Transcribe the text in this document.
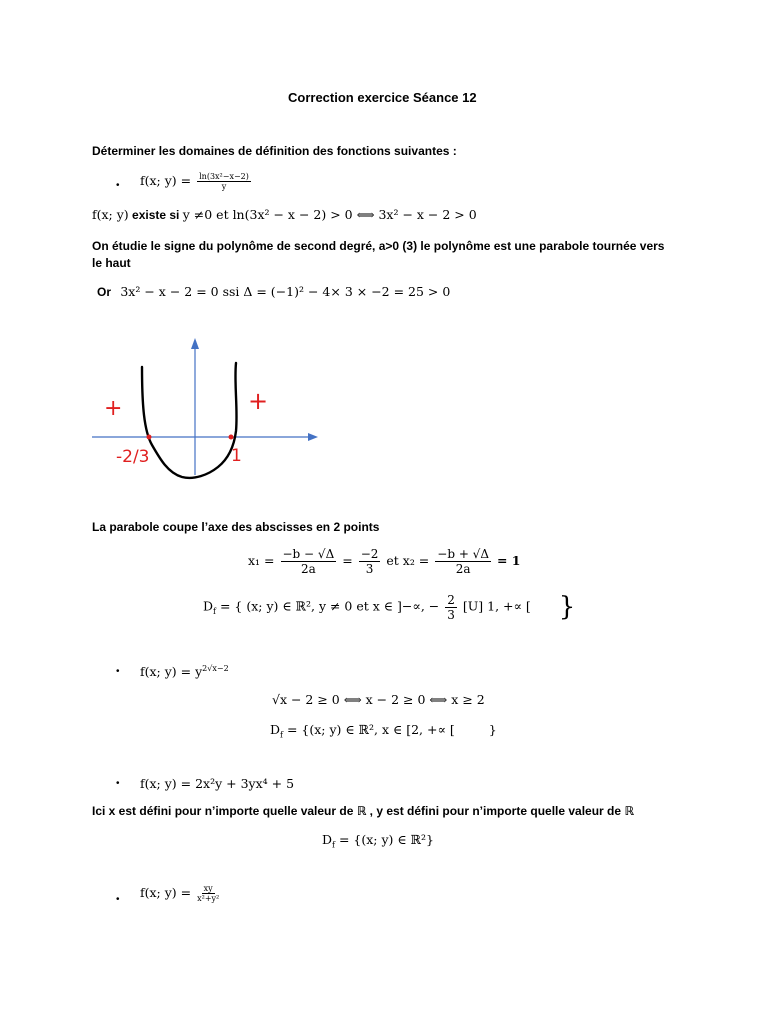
Correction exercice Séance 12
Déterminer les domaines de définition des fonctions suivantes :
• f(x; $y) = \frac{\text{ln(3x²−x−2)}}{y}$
f(x; y) existe si y ≠0 et ln(3x² − x − 2) > 0 ⟺ 3x² − x − 2 > 0
On étudie le signe du polynôme de second degré, a>0 (3) le polynôme est une parabole tournée vers
le haut
Or 3x² − x − 2 = 0 ssi Δ = (−1)² − 4× 3 × −2 = 25 > 0
+	+
-2/3	1
La parabole coupe l’axe des abscisses en 2 points
$x_1 = \frac{-b - √\Delta}{2a} = \frac{-2}{3}$ et $x_2 = \frac{-b + √\Delta}{2a} = 1$
$D_f$ = { (x; y) ∈ ℝ², y ≠ 0 et x ∈ ]−∝, − $\frac{2}{3} [U] 1$, +∝ [ }
• f(x; $y) = y^{2√x-2}$
√x − 2 ≥ 0 ⟺ x − 2 ≥ 0 ⟺ x ≥ 2
$D_f = \{(x$; y) ∈ ℝ², x ∈ [2, +∝ [	}
• f(x; y) = 2x²y + 3yx⁴ + 5
Ici x est défini pour n’importe quelle valeur de ℝ , y est défini pour n’importe quelle valeur de ℝ
$D_f = \{(x$; y) ∈ ℝ²}
• f(x; $y) = \frac{xy}{\text{x²+y²}}$
